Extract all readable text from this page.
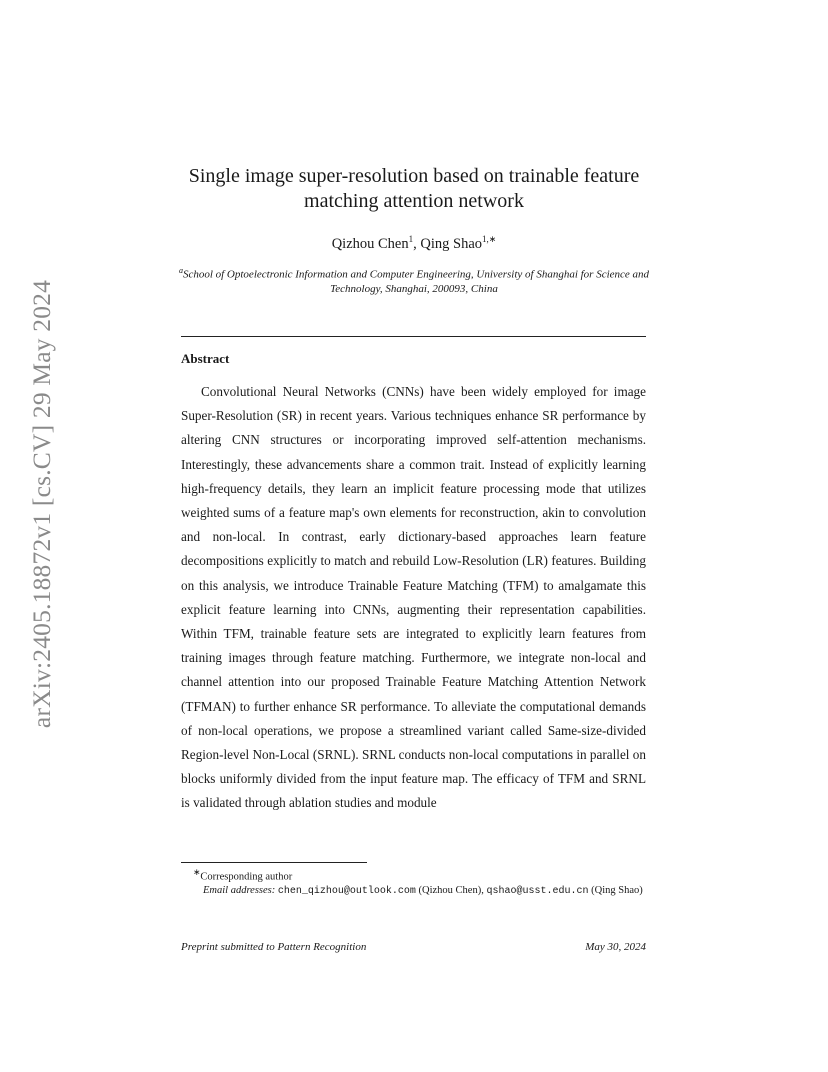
arXiv:2405.18872v1 [cs.CV] 29 May 2024
Single image super-resolution based on trainable feature matching attention network
Qizhou Chen$^1$, Qing Shao$^{1,∗}$
$^a$School of Optoelectronic Information and Computer Engineering, University of Shanghai for Science and Technology, Shanghai, 200093, China
Abstract

Convolutional Neural Networks (CNNs) have been widely employed for image Super-Resolution (SR) in recent years. Various techniques enhance SR performance by altering CNN structures or incorporating improved self-attention mechanisms. Interestingly, these advancements share a common trait. Instead of explicitly learning high-frequency details, they learn an implicit feature processing mode that utilizes weighted sums of a feature map's own elements for reconstruction, akin to convolution and non-local. In contrast, early dictionary-based approaches learn feature decompositions explicitly to match and rebuild Low-Resolution (LR) features. Building on this analysis, we introduce Trainable Feature Matching (TFM) to amalgamate this explicit feature learning into CNNs, augmenting their representation capabilities. Within TFM, trainable feature sets are integrated to explicitly learn features from training images through feature matching. Furthermore, we integrate non-local and channel attention into our proposed Trainable Feature Matching Attention Network (TFMAN) to further enhance SR performance. To alleviate the computational demands of non-local operations, we propose a streamlined variant called Same-size-divided Region-level Non-Local (SRNL). SRNL conducts non-local computations in parallel on blocks uniformly divided from the input feature map. The efficacy of TFM and SRNL is validated through ablation studies and module

∗Corresponding author
Email addresses: chen_qizhou@outlook.com (Qizhou Chen), qshao@usst.edu.cn (Qing Shao)
Preprint submitted to Pattern Recognition	May 30, 2024
